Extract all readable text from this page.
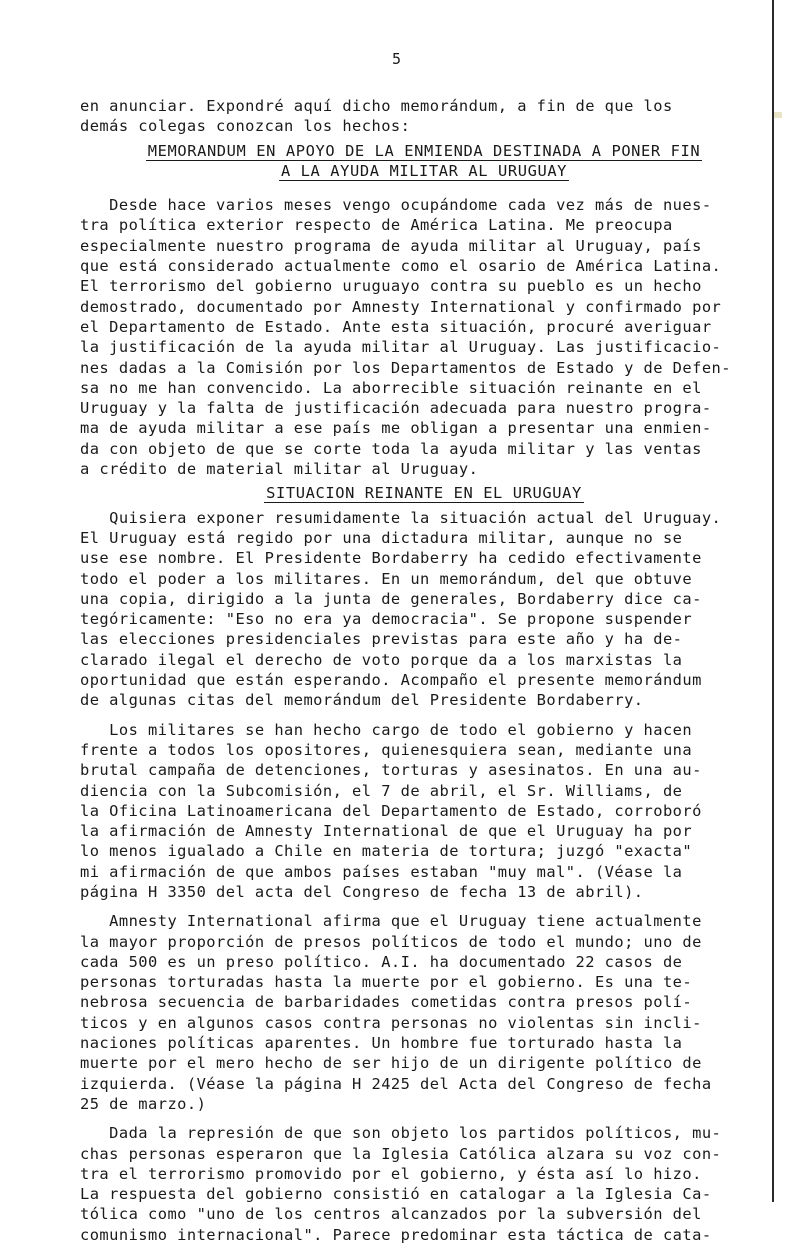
5
en anunciar. Expondré aquí dicho memorándum, a fin de que los
demás colegas conozcan los hechos:
MEMORANDUM EN APOYO DE LA ENMIENDA DESTINADA A PONER FIN
A LA AYUDA MILITAR AL URUGUAY
Desde hace varios meses vengo ocupándome cada vez más de nues-
tra política exterior respecto de América Latina. Me preocupa
especialmente nuestro programa de ayuda militar al Uruguay, país
que está considerado actualmente como el osario de América Latina.
El terrorismo del gobierno uruguayo contra su pueblo es un hecho
demostrado, documentado por Amnesty International y confirmado por
el Departamento de Estado. Ante esta situación, procuré averiguar
la justificación de la ayuda militar al Uruguay. Las justificacio-
nes dadas a la Comisión por los Departamentos de Estado y de Defen-
sa no me han convencido. La aborrecible situación reinante en el
Uruguay y la falta de justificación adecuada para nuestro progra-
ma de ayuda militar a ese país me obligan a presentar una enmien-
da con objeto de que se corte toda la ayuda militar y las ventas
a crédito de material militar al Uruguay.
SITUACION REINANTE EN EL URUGUAY
Quisiera exponer resumidamente la situación actual del Uruguay.
El Uruguay está regido por una dictadura militar, aunque no se
use ese nombre. El Presidente Bordaberry ha cedido efectivamente
todo el poder a los militares. En un memorándum, del que obtuve
una copia, dirigido a la junta de generales, Bordaberry dice ca-
tegóricamente: "Eso no era ya democracia". Se propone suspender
las elecciones presidenciales previstas para este año y ha de-
clarado ilegal el derecho de voto porque da a los marxistas la
oportunidad que están esperando. Acompaño el presente memorándum
de algunas citas del memorándum del Presidente Bordaberry.
Los militares se han hecho cargo de todo el gobierno y hacen
frente a todos los opositores, quienesquiera sean, mediante una
brutal campaña de detenciones, torturas y asesinatos. En una au-
diencia con la Subcomisión, el 7 de abril, el Sr. Williams, de
la Oficina Latinoamericana del Departamento de Estado, corroboró
la afirmación de Amnesty International de que el Uruguay ha por
lo menos igualado a Chile en materia de tortura; juzgó "exacta"
mi afirmación de que ambos países estaban "muy mal". (Véase la
página H 3350 del acta del Congreso de fecha 13 de abril).
Amnesty International afirma que el Uruguay tiene actualmente
la mayor proporción de presos políticos de todo el mundo; uno de
cada 500 es un preso político. A.I. ha documentado 22 casos de
personas torturadas hasta la muerte por el gobierno. Es una te-
nebrosa secuencia de barbaridades cometidas contra presos polí-
ticos y en algunos casos contra personas no violentas sin incli-
naciones políticas aparentes. Un hombre fue torturado hasta la
muerte por el mero hecho de ser hijo de un dirigente político de
izquierda. (Véase la página H 2425 del Acta del Congreso de fecha
25 de marzo.)
Dada la represión de que son objeto los partidos políticos, mu-
chas personas esperaron que la Iglesia Católica alzara su voz con-
tra el terrorismo promovido por el gobierno, y ésta así lo hizo.
La respuesta del gobierno consistió en catalogar a la Iglesia Ca-
tólica como "uno de los centros alcanzados por la subversión del
comunismo internacional". Parece predominar esta táctica de cata-
